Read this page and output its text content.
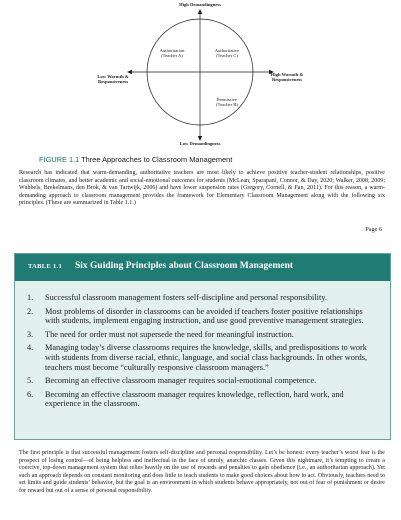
High Demandingness
Low Demandingness
Low Warmth &
Responsiveness
High Warmth &
Responsiveness
Authoritarian
(Teacher A)
Authoritative
(Teacher C)
Permissive
(Teacher B)
FIGURE 1.1 Three Approaches to Classroom Management
Research has indicated that warm-demanding, authoritative teachers are most likely to achieve positive teacher-student relationships, positive classroom climates, and better academic and social-emotional outcomes for students (McLean, Sparapani, Connor, & Day, 2020; Walker, 2008, 2009; Wubbels, Brekelmans, den Brok, & van Tartwijk, 2006) and have lower suspension rates (Gregory, Cornell, & Fan, 2011). For this reason, a warm-demanding approach to classroom management provides the framework for Elementary Classroom Management along with the following six principles. (These are summarized in Table 1.1.)
Page 6
TABLE 1.1 Six Guiding Principles about Classroom Management
1. Successful classroom management fosters self-discipline and personal responsibility.
2. Most problems of disorder in classrooms can be avoided if teachers foster positive relationships with students, implement engaging instruction, and use good preventive management strategies.
3. The need for order must not supersede the need for meaningful instruction.
4. Managing today’s diverse classrooms requires the knowledge, skills, and predispositions to work with students from diverse racial, ethnic, language, and social class backgrounds. In other words, teachers must become “culturally responsive classroom managers.”
5. Becoming an effective classroom manager requires social-emotional competence.
6. Becoming an effective classroom manager requires knowledge, reflection, hard work, and experience in the classroom.
The first principle is that successful management fosters self-discipline and personal responsibility. Let’s be honest: every teacher’s worst fear is the prospect of losing control—of being helpless and ineffectual in the face of unruly, anarchic classes. Given this nightmare, it’s tempting to create a coercive, top-down management system that relies heavily on the use of rewards and penalties to gain obedience (i.e., an authoritarian approach). Yet such an approach depends on constant monitoring and does little to teach students to make good choices about how to act. Obviously, teachers need to set limits and guide students’ behavior, but the goal is an environment in which students behave appropriately, not out of fear of punishment or desire for reward but out of a sense of personal responsibility.
